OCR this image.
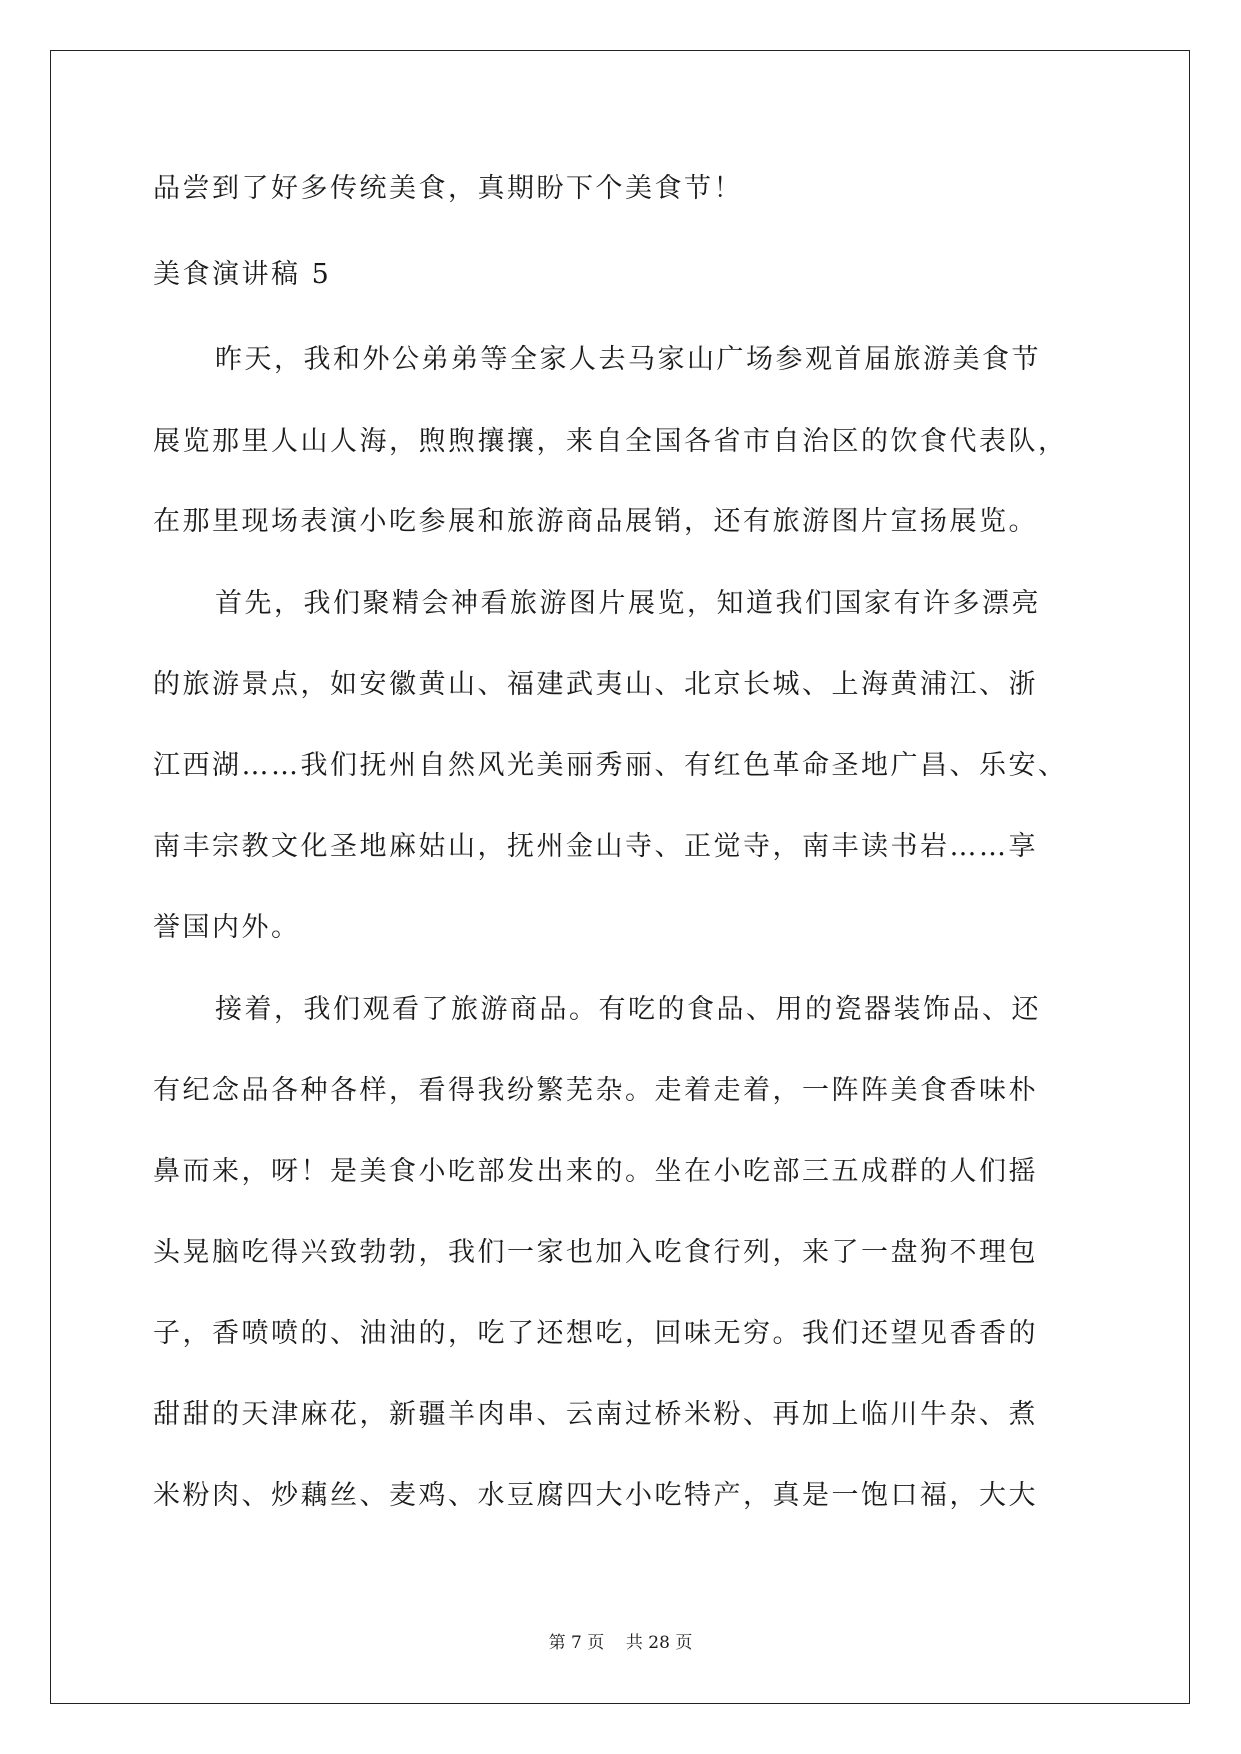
品尝到了好多传统美食，真期盼下个美食节！
美食演讲稿 5
昨天，我和外公弟弟等全家人去马家山广场参观首届旅游美食节
展览那里人山人海，煦煦攘攘，来自全国各省市自治区的饮食代表队，
在那里现场表演小吃参展和旅游商品展销，还有旅游图片宣扬展览。
首先，我们聚精会神看旅游图片展览，知道我们国家有许多漂亮
的旅游景点，如安徽黄山、福建武夷山、北京长城、上海黄浦江、浙
江西湖……我们抚州自然风光美丽秀丽、有红色革命圣地广昌、乐安、
南丰宗教文化圣地麻姑山，抚州金山寺、正觉寺，南丰读书岩……享
誉国内外。
接着，我们观看了旅游商品。有吃的食品、用的瓷器装饰品、还
有纪念品各种各样，看得我纷繁芜杂。走着走着，一阵阵美食香味朴
鼻而来，呀！是美食小吃部发出来的。坐在小吃部三五成群的人们摇
头晃脑吃得兴致勃勃，我们一家也加入吃食行列，来了一盘狗不理包
子，香喷喷的、油油的，吃了还想吃，回味无穷。我们还望见香香的
甜甜的天津麻花，新疆羊肉串、云南过桥米粉、再加上临川牛杂、煮
米粉肉、炒藕丝、麦鸡、水豆腐四大小吃特产，真是一饱口福，大大
第 7 页    共 28 页
